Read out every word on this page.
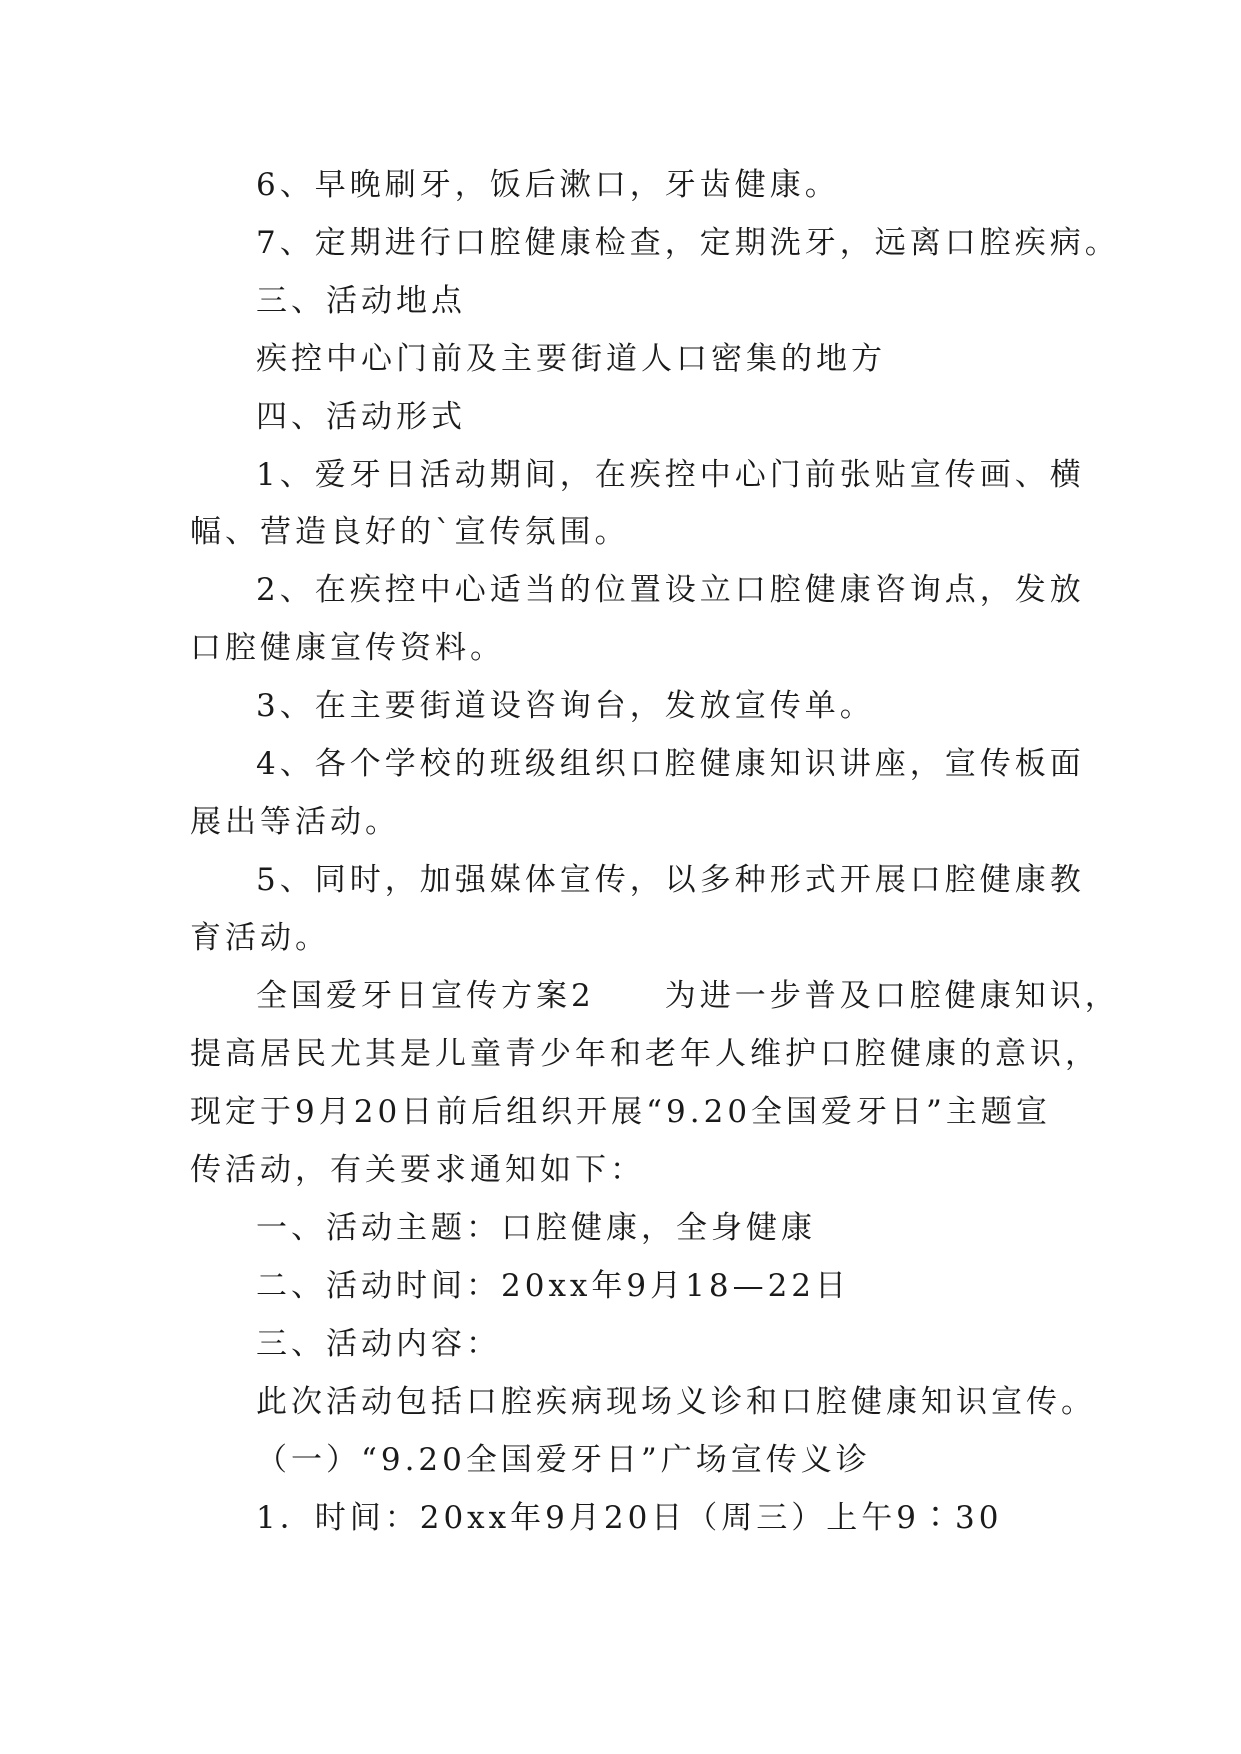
6、早晚刷牙，饭后漱口，牙齿健康。
7、定期进行口腔健康检查，定期洗牙，远离口腔疾病。
三、活动地点
疾控中心门前及主要街道人口密集的地方
四、活动形式
1、爱牙日活动期间，在疾控中心门前张贴宣传画、横
幅、营造良好的`宣传氛围。
2、在疾控中心适当的位置设立口腔健康咨询点，发放
口腔健康宣传资料。
3、在主要街道设咨询台，发放宣传单。
4、各个学校的班级组织口腔健康知识讲座，宣传板面
展出等活动。
5、同时，加强媒体宣传，以多种形式开展口腔健康教
育活动。
全国爱牙日宣传方案2　　为进一步普及口腔健康知识，
提高居民尤其是儿童青少年和老年人维护口腔健康的意识，
现定于9月20日前后组织开展“9.20全国爱牙日”主题宣
传活动，有关要求通知如下：
一、活动主题：口腔健康，全身健康
二、活动时间：20xx年9月18—22日
三、活动内容：
此次活动包括口腔疾病现场义诊和口腔健康知识宣传。
（一）“9.20全国爱牙日”广场宣传义诊
1．时间：20xx年9月20日（周三）上午9∶30
